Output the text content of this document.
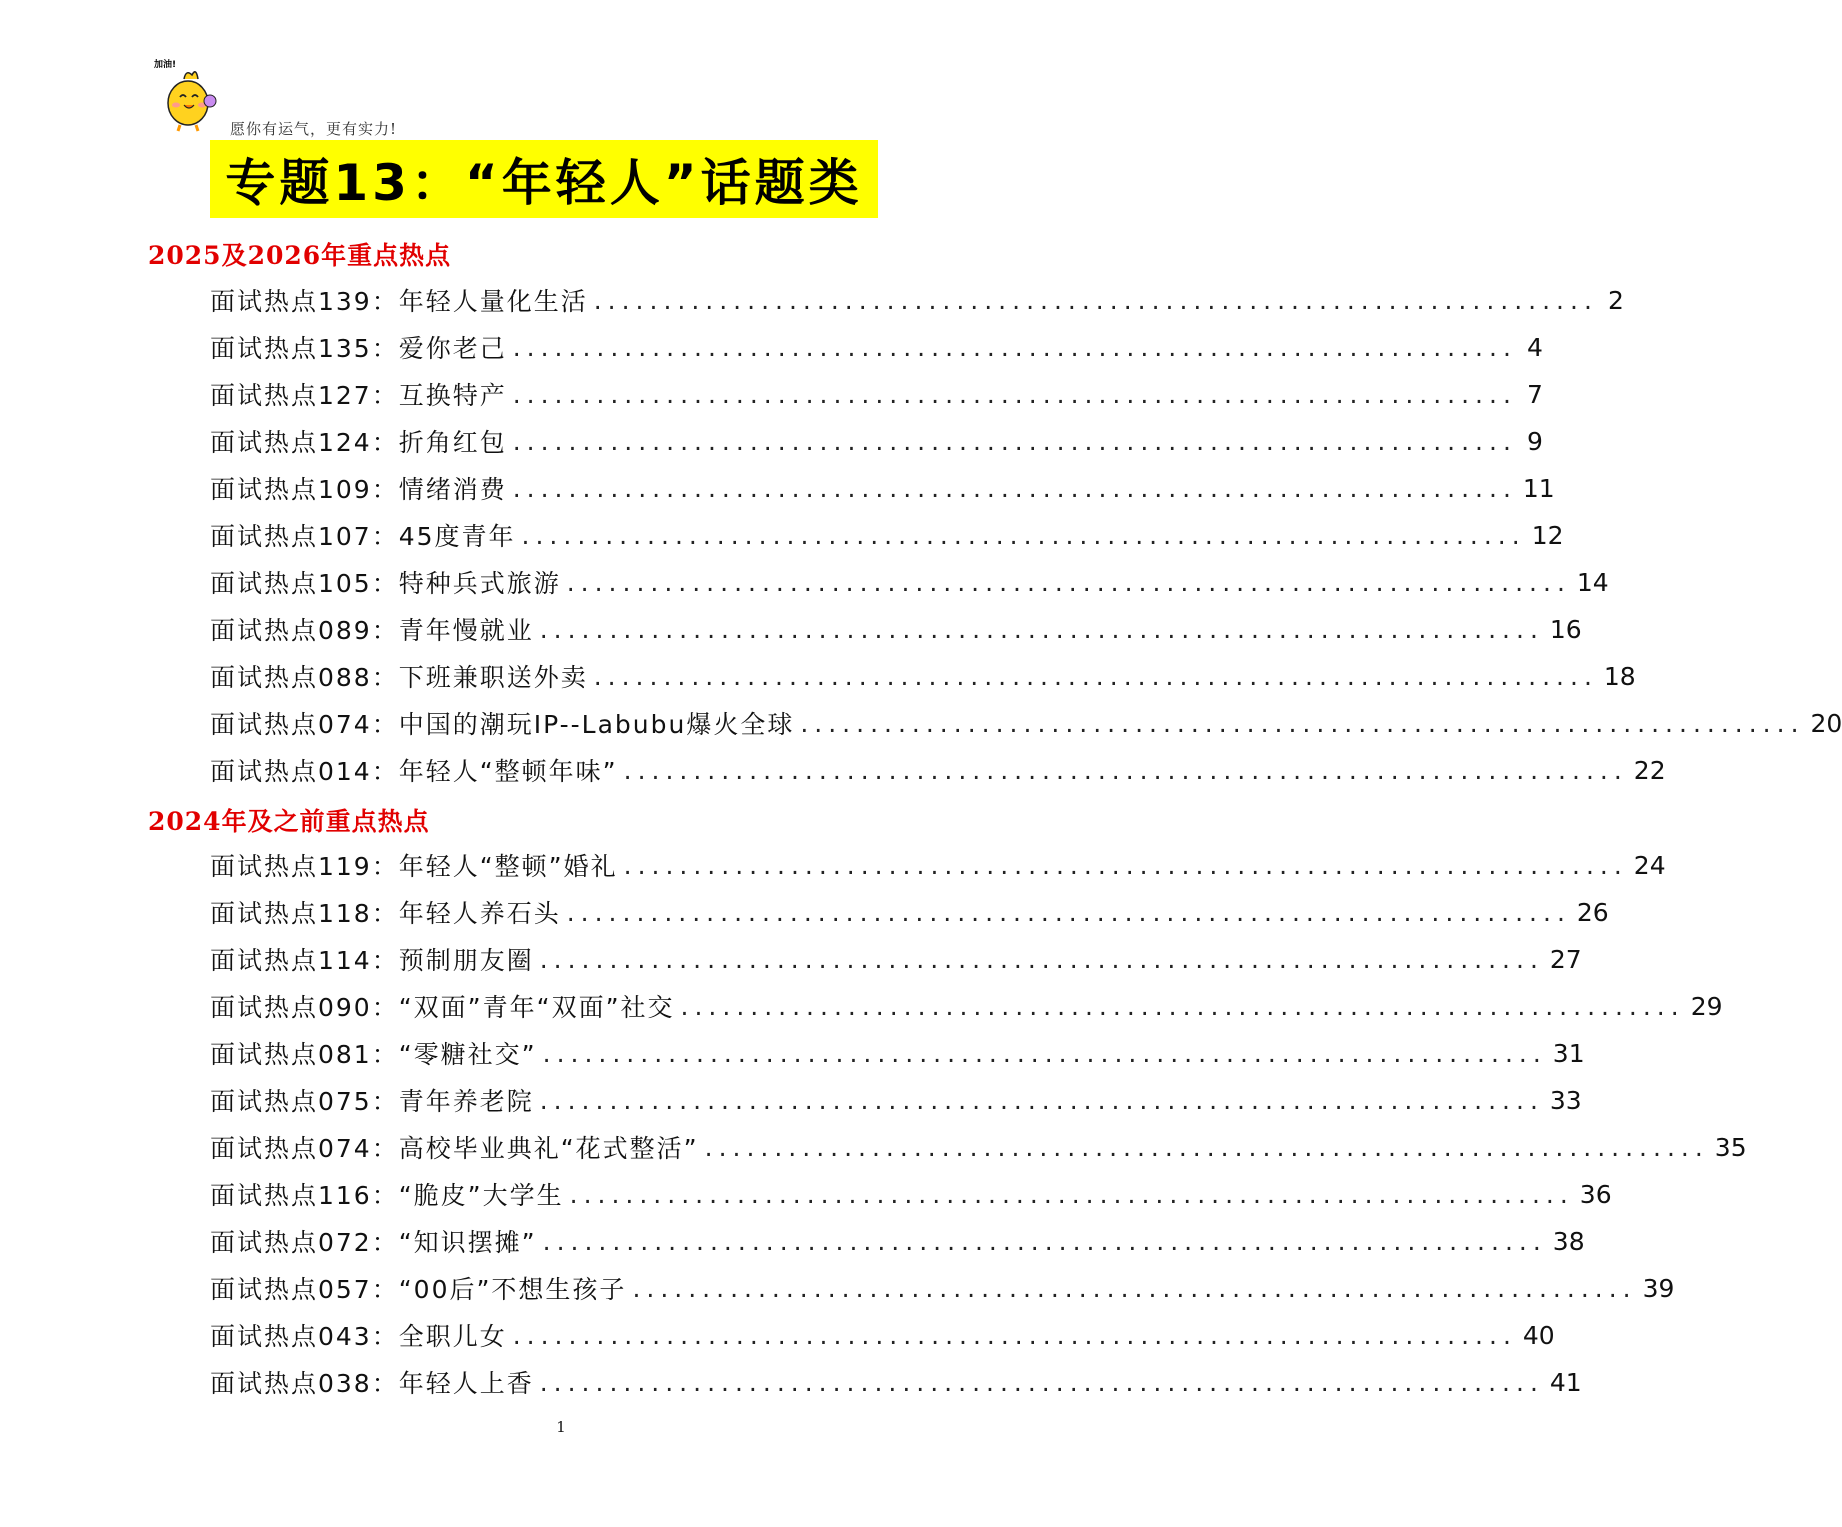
加油!
愿你有运气，更有实力!
专题13：“年轻人”话题类
2025及2026年重点热点
面试热点139：年轻人量化生活 ........................................................................ 2
面试热点135：爱你老己 ........................................................................ 4
面试热点127：互换特产 ........................................................................ 7
面试热点124：折角红包 ........................................................................ 9
面试热点109：情绪消费 ........................................................................ 11
面试热点107：45度青年 ........................................................................ 12
面试热点105：特种兵式旅游 ........................................................................ 14
面试热点089：青年慢就业 ........................................................................ 16
面试热点088：下班兼职送外卖 ........................................................................ 18
面试热点074：中国的潮玩IP--Labubu爆火全球 ........................................................................ 20
面试热点014：年轻人“整顿年味” ........................................................................ 22
2024年及之前重点热点
面试热点119：年轻人“整顿”婚礼 ........................................................................ 24
面试热点118：年轻人养石头 ........................................................................ 26
面试热点114：预制朋友圈 ........................................................................ 27
面试热点090：“双面”青年“双面”社交 ........................................................................ 29
面试热点081：“零糖社交” ........................................................................ 31
面试热点075：青年养老院 ........................................................................ 33
面试热点074：高校毕业典礼“花式整活” ........................................................................ 35
面试热点116：“脆皮”大学生 ........................................................................ 36
面试热点072：“知识摆摊” ........................................................................ 38
面试热点057：“00后”不想生孩子 ........................................................................ 39
面试热点043：全职儿女 ........................................................................ 40
面试热点038：年轻人上香 ........................................................................ 41
1
